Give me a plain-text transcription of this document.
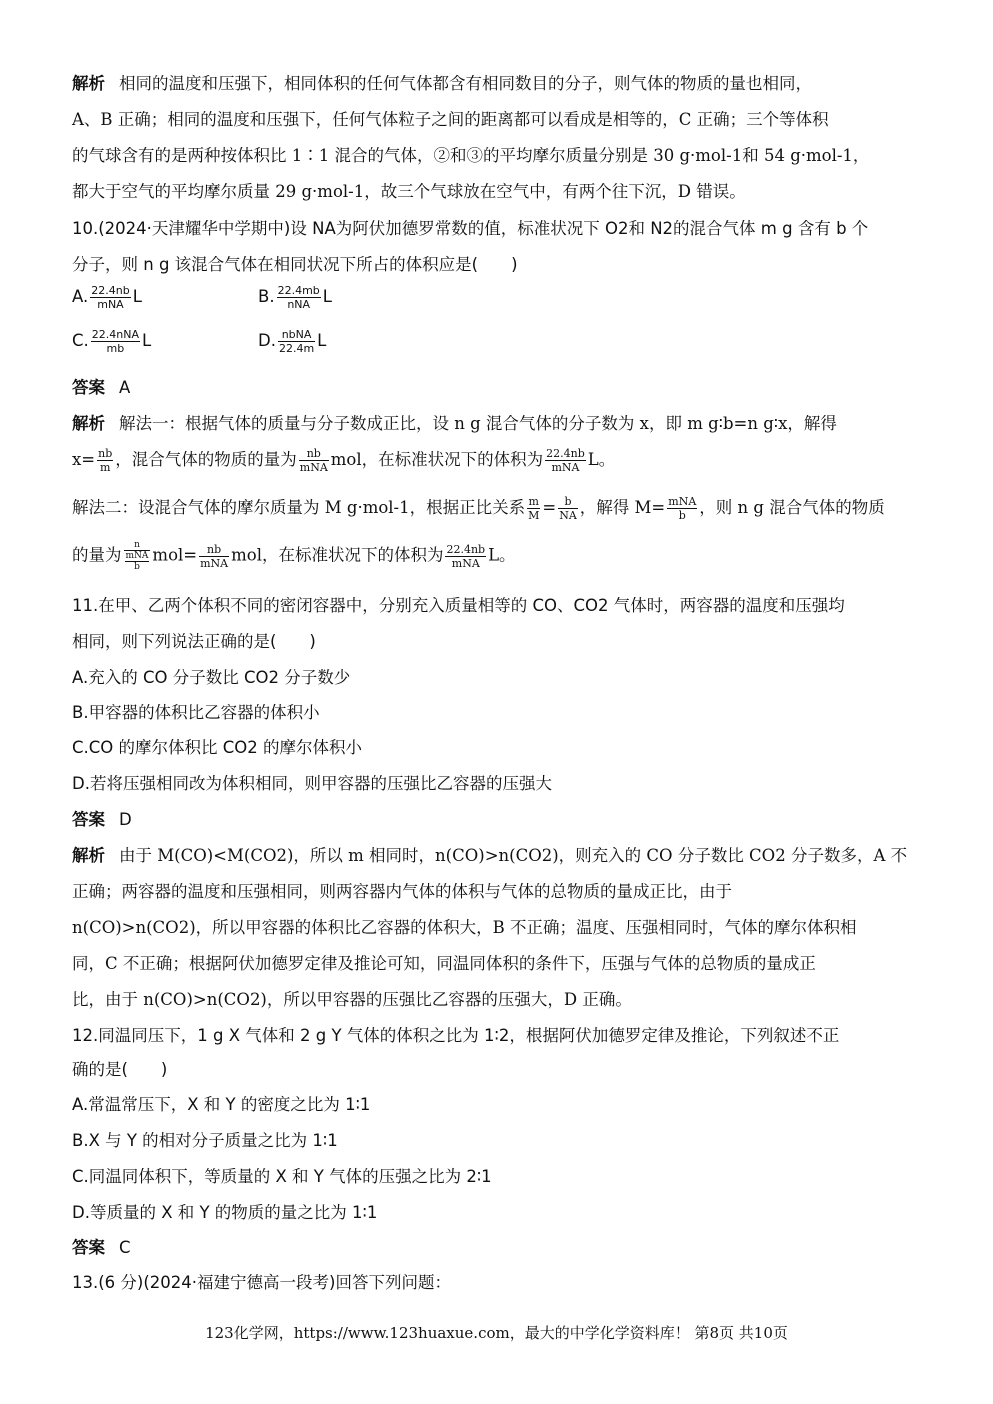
解析 相同的温度和压强下，相同体积的任何气体都含有相同数目的分子，则气体的物质的量也相同，
A、B 正确；相同的温度和压强下，任何气体粒子之间的距离都可以看成是相等的，C 正确；三个等体积
的气球含有的是两种按体积比 1∶1 混合的气体，②和③的平均摩尔质量分别是 30 g·mol-1和 54 g·mol-1，
都大于空气的平均摩尔质量 29 g·mol-1，故三个气球放在空气中，有两个往下沉，D 错误。
10.(2024·天津耀华中学期中)设 NA为阿伏加德罗常数的值，标准状况下 O2和 N2的混合气体 m g 含有 b 个
分子，则 n g 该混合气体在相同状况下所占的体积应是(　　)
A. $\frac{22.4nb}{\text{mNA}}$ L	B. $\frac{22.4mb}{\text{nNA}}$ L
C. $\frac{\text{22.4nNA}}{mb}$ L	D. $\frac{\text{nbNA}}{22.4m}$ L
答案 A
解析 解法一：根据气体的质量与分子数成正比，设 n g 混合气体的分子数为 x，即 m g∶b=n g∶x，解得
$x= \frac{nb}{m}$ ，混合气体的物质的量为 $\frac{nb}{\text{mNA}}$ mol，在标准状况下的体积为 $\frac{22.4nb}{\text{mNA}}$ L。
解法二：设混合气体的摩尔质量为 M g·mol-1，根据正比关系 $\frac{m}{M} = \frac{b}{NA}$ ，解得 $M= \frac{\text{mNA}}{b}$ ，则 n g 混合气体的物质
的量为 $\frac{n}{\frac{\text{mNA}}{b}} mol= \frac{nb}{\text{mNA}}$ mol，在标准状况下的体积为 $\frac{22.4nb}{\text{mNA}}$ L。
11.在甲、乙两个体积不同的密闭容器中，分别充入质量相等的 CO、CO2 气体时，两容器的温度和压强均
相同，则下列说法正确的是(　　)
A.充入的 CO 分子数比 CO2 分子数少
B.甲容器的体积比乙容器的体积小
C.CO 的摩尔体积比 CO2 的摩尔体积小
D.若将压强相同改为体积相同，则甲容器的压强比乙容器的压强大
答案 D
解析 由于 M(CO)<M(CO2)，所以 m 相同时，n(CO)>n(CO2)，则充入的 CO 分子数比 CO2 分子数多，A 不
正确；两容器的温度和压强相同，则两容器内气体的体积与气体的总物质的量成正比，由于
n(CO)>n(CO2)，所以甲容器的体积比乙容器的体积大，B 不正确；温度、压强相同时，气体的摩尔体积相
同，C 不正确；根据阿伏加德罗定律及推论可知，同温同体积的条件下，压强与气体的总物质的量成正
比，由于 n(CO)>n(CO2)，所以甲容器的压强比乙容器的压强大，D 正确。
12.同温同压下，1 g X 气体和 2 g Y 气体的体积之比为 1∶2，根据阿伏加德罗定律及推论，下列叙述不正
确的是(　　)
A.常温常压下，X 和 Y 的密度之比为 1∶1
B.X 与 Y 的相对分子质量之比为 1∶1
C.同温同体积下，等质量的 X 和 Y 气体的压强之比为 2∶1
D.等质量的 X 和 Y 的物质的量之比为 1∶1
答案 C
13.(6 分)(2024·福建宁德高一段考)回答下列问题：
123化学网，https://www.123huaxue.com，最大的中学化学资料库！ 第8页 共10页
